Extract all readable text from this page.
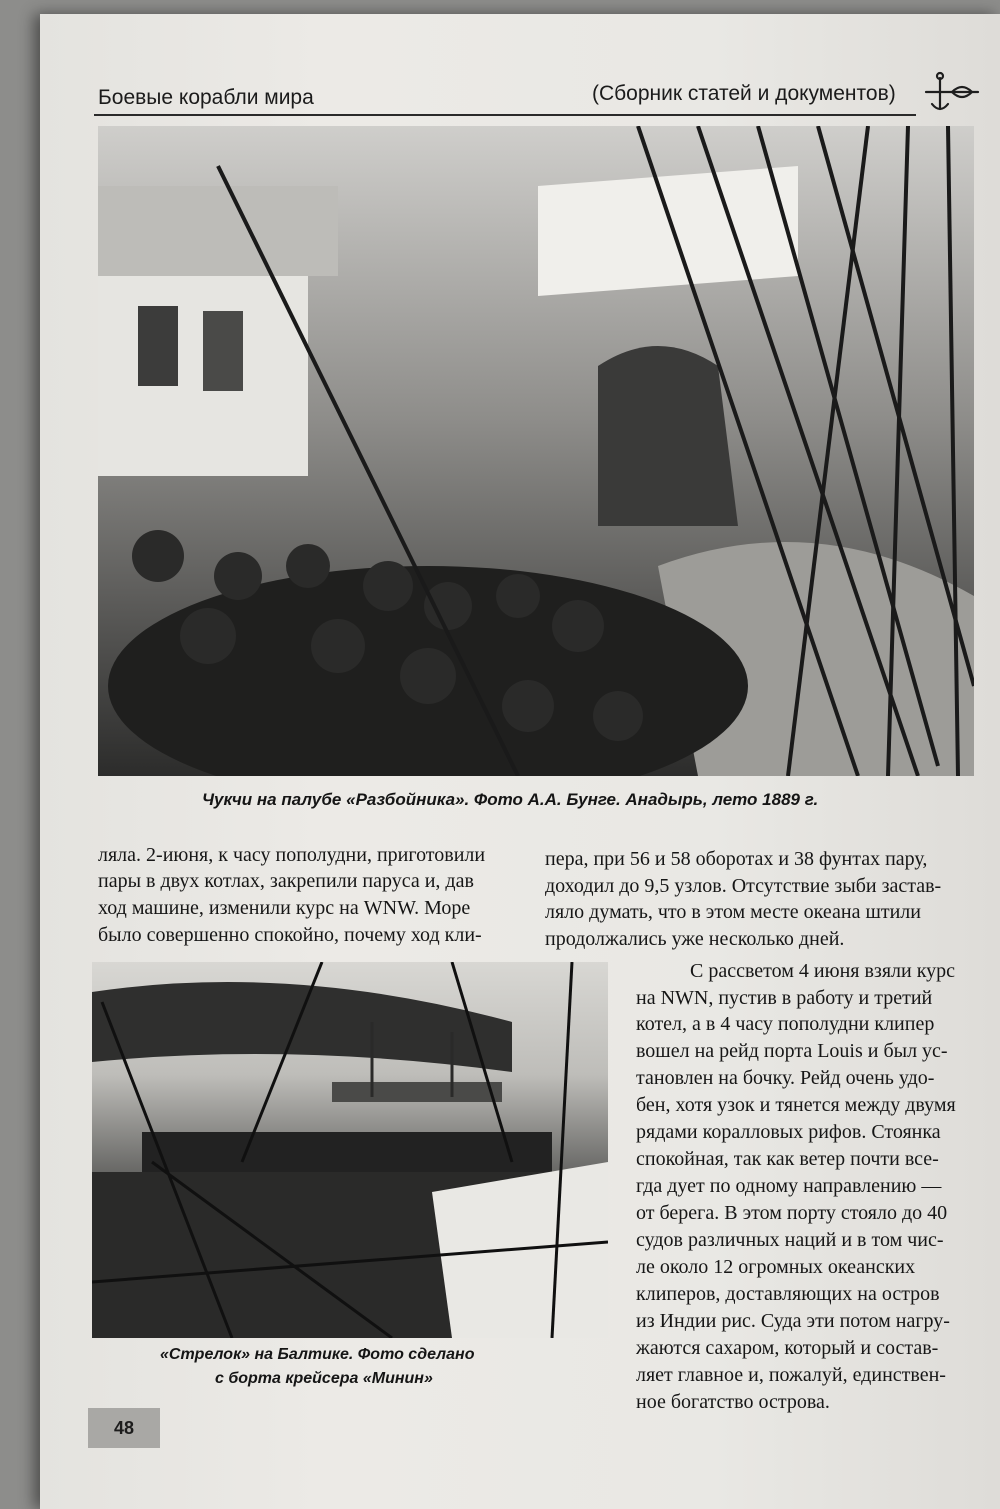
Боевые корабли мира	(Сборник статей и документов)
Чукчи на палубе «Разбойника». Фото А.А. Бунге. Анадырь, лето 1889 г.
ляла. 2-июня, к часу пополудни, приготовили
пары в двух котлах, закрепили паруса и, дав
ход машине, изменили курс на WNW. Море
было совершенно спокойно, почему ход кли-
пера, при 56 и 58 оборотах и 38 фунтах пару,
доходил до 9,5 узлов. Отсутствие зыби застав-
ляло думать, что в этом месте океана штили
продолжались уже несколько дней.
С рассветом 4 июня взяли курс
на NWN, пустив в работу и третий
котел, а в 4 часу пополудни клипер
вошел на рейд порта Louis и был ус-
тановлен на бочку. Рейд очень удо-
бен, хотя узок и тянется между двумя
рядами коралловых рифов. Стоянка
спокойная, так как ветер почти все-
гда дует по одному направлению —
от берега. В этом порту стояло до 40
судов различных наций и в том чис-
ле около 12 огромных океанских
клиперов, доставляющих на остров
из Индии рис. Суда эти потом нагру-
жаются сахаром, который и состав-
ляет главное и, пожалуй, единствен-
ное богатство острова.
«Стрелок» на Балтике. Фото сделано
с борта крейсера «Минин»
48
